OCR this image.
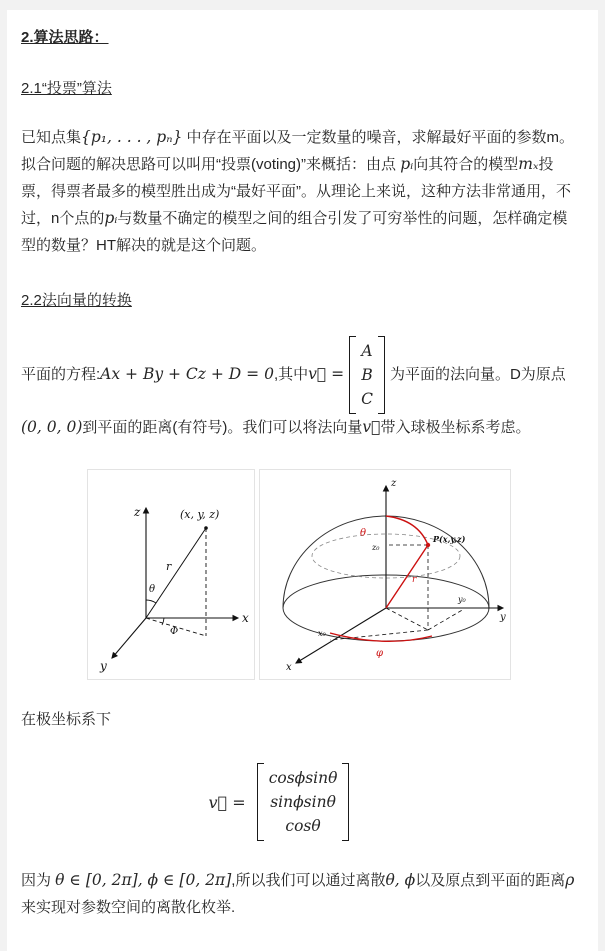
2.算法思路：
2.1“投票”算法

已知点集{p₁, . . . , pₙ} 中存在平面以及一定数量的噪音，求解最好平面的参数m。拟合问题的解决思路可以叫用“投票(voting)”来概括：由点 pᵢ向其符合的模型mₓ投票，得票者最多的模型胜出成为“最好平面”。从理论上来说，这种方法非常通用，不过，n个点的pᵢ与数量不确定的模型之间的组合引发了可穷举性的问题，怎样确定模型的数量？HT解决的就是这个问题。

2.2法向量的转换

平面的方程:Ax + By + Cz + D = 0,其中v⃗ =
A
B
C
为平面的法向量。D为原点(0, 0, 0)到平面的距离(有符号)。我们可以将法向量v⃗带入球极坐标系考虑。

z
x
y
(x, y, z)
r
θ
Φ
z
y
x
P(x,y,z)
z₀
y₀
x₀
θ
r
φ

在极坐标系下

v⃗ =
cosϕsinθ
sinϕsinθ
cosθ

因为 θ ∈ [0, 2π], ϕ ∈ [0, 2π],所以我们可以通过离散θ, ϕ以及原点到平面的距离ρ来实现对参数空间的离散化枚举.
